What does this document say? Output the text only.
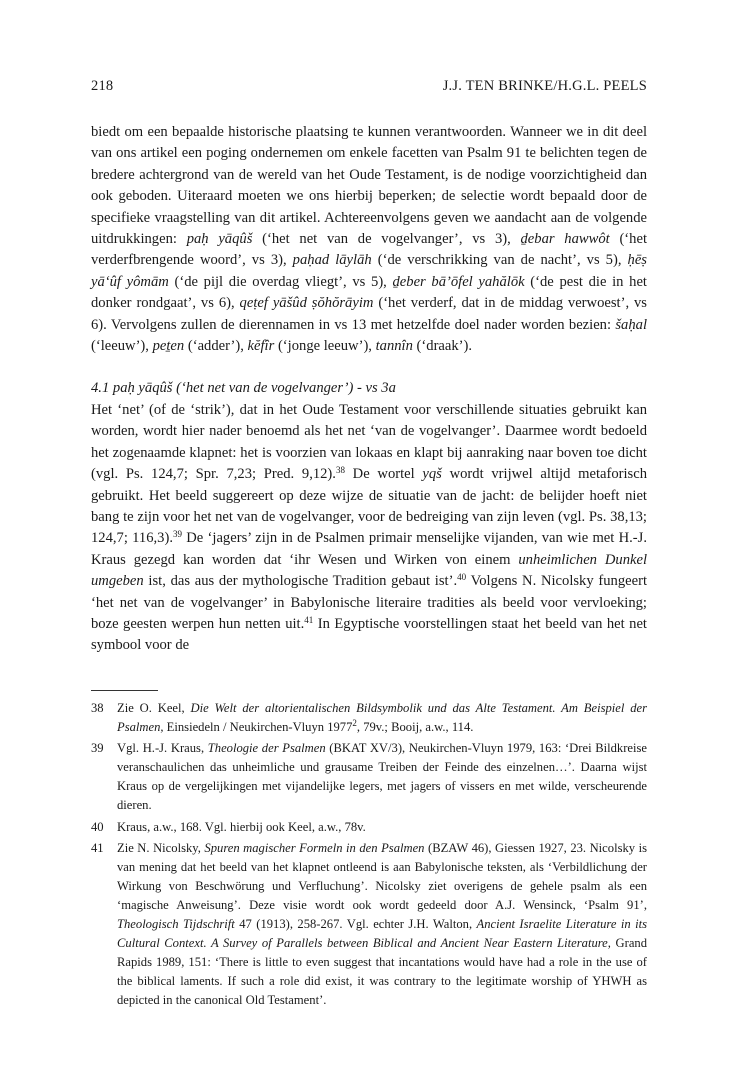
218	J.J. TEN BRINKE/H.G.L. PEELS

biedt om een bepaalde historische plaatsing te kunnen verantwoorden. Wanneer we in dit deel van ons artikel een poging ondernemen om enkele facetten van Psalm 91 te belichten tegen de bredere achtergrond van de wereld van het Oude Testament, is de nodige voorzichtigheid dan ook geboden. Uiteraard moeten we ons hierbij beperken; de selectie wordt bepaald door de specifieke vraagstelling van dit artikel. Achtereenvolgens geven we aandacht aan de volgende uitdrukkingen: paḥ yāqûš (‘het net van de vogelvanger’, vs 3), ḏebar hawwôt (‘het verderfbrengende woord’, vs 3), paḥad lāylāh (‘de verschrikking van de nacht’, vs 5), ḥēṣ yā‘ûf yômām (‘de pijl die overdag vliegt’, vs 5), ḏeber bā’ōfel yahălōk (‘de pest die in het donker rondgaat’, vs 6), qeṭef yāšûd ṣŏhŏrāyim (‘het verderf, dat in de middag verwoest’, vs 6). Vervolgens zullen de dierennamen in vs 13 met hetzelfde doel nader worden bezien: šaḥal (‘leeuw’), peṯen (‘adder’), kĕfîr (‘jonge leeuw’), tannîn (‘draak’).

4.1 paḥ yāqûš (‘het net van de vogelvanger’) - vs 3a

Het ‘net’ (of de ‘strik’), dat in het Oude Testament voor verschillende situaties gebruikt kan worden, wordt hier nader benoemd als het net ‘van de vogelvanger’. Daarmee wordt bedoeld het zogenaamde klapnet: het is voorzien van lokaas en klapt bij aanraking naar boven toe dicht (vgl. Ps. 124,7; Spr. 7,23; Pred. 9,12).$^{38}$ De wortel yqš wordt vrijwel altijd metaforisch gebruikt. Het beeld suggereert op deze wijze de situatie van de jacht: de belijder hoeft niet bang te zijn voor het net van de vogelvanger, voor de bedreiging van zijn leven (vgl. Ps. 38,13; 124,7; 116,3).$^{39}$ De ‘jagers’ zijn in de Psalmen primair menselijke vijanden, van wie met H.-J. Kraus gezegd kan worden dat ‘ihr Wesen und Wirken von einem unheimlichen Dunkel umgeben ist, das aus der mythologische Tradition gebaut ist’.$^{40}$ Volgens N. Nicolsky fungeert ‘het net van de vogelvanger’ in Babylonische literaire tradities als beeld voor vervloeking; boze geesten werpen hun netten uit.$^{41}$ In Egyptische voorstellingen staat het beeld van het net symbool voor de

38	Zie O. Keel, Die Welt der altorientalischen Bildsymbolik und das Alte Testament. Am Beispiel der Psalmen, Einsiedeln / Neukirchen-Vluyn 1977$^2$, 79v.; Booij, a.w., 114.
39	Vgl. H.-J. Kraus, Theologie der Psalmen (BKAT XV/3), Neukirchen-Vluyn 1979, 163: ‘Drei Bildkreise veranschaulichen das unheimliche und grausame Treiben der Feinde des einzelnen…’. Daarna wijst Kraus op de vergelijkingen met vijandelijke legers, met jagers of vissers en met wilde, verscheurende dieren.
40	Kraus, a.w., 168. Vgl. hierbij ook Keel, a.w., 78v.
41	Zie N. Nicolsky, Spuren magischer Formeln in den Psalmen (BZAW 46), Giessen 1927, 23. Nicolsky is van mening dat het beeld van het klapnet ontleend is aan Babylonische teksten, als ‘Verbildlichung der Wirkung von Beschwörung und Verfluchung’. Nicolsky ziet overigens de gehele psalm als een ‘magische Anweisung’. Deze visie wordt ook wordt gedeeld door A.J. Wensinck, ‘Psalm 91’, Theologisch Tijdschrift 47 (1913), 258-267. Vgl. echter J.H. Walton, Ancient Israelite Literature in its Cultural Context. A Survey of Parallels between Biblical and Ancient Near Eastern Literature, Grand Rapids 1989, 151: ‘There is little to even suggest that incantations would have had a role in the use of the biblical laments. If such a role did exist, it was contrary to the legitimate worship of YHWH as depicted in the canonical Old Testament’.
